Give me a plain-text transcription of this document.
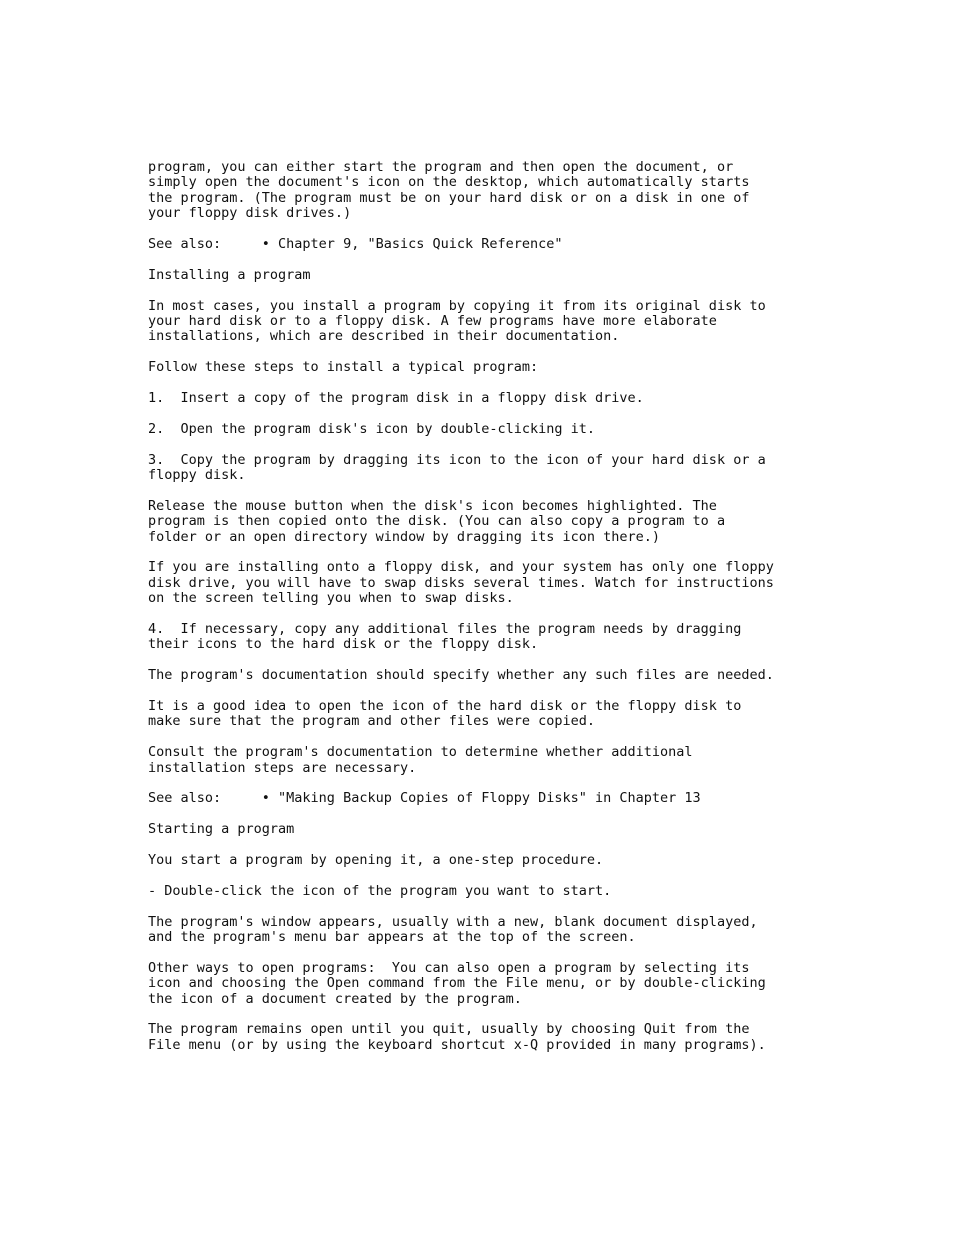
program, you can either start the program and then open the document, or
simply open the document's icon on the desktop, which automatically starts
the program. (The program must be on your hard disk or on a disk in one of
your floppy disk drives.)
See also:     • Chapter 9, "Basics Quick Reference"
Installing a program
In most cases, you install a program by copying it from its original disk to
your hard disk or to a floppy disk. A few programs have more elaborate
installations, which are described in their documentation.
Follow these steps to install a typical program:
1.  Insert a copy of the program disk in a floppy disk drive.
2.  Open the program disk's icon by double-clicking it.
3.  Copy the program by dragging its icon to the icon of your hard disk or a
floppy disk.
Release the mouse button when the disk's icon becomes highlighted. The
program is then copied onto the disk. (You can also copy a program to a
folder or an open directory window by dragging its icon there.)
If you are installing onto a floppy disk, and your system has only one floppy
disk drive, you will have to swap disks several times. Watch for instructions
on the screen telling you when to swap disks.
4.  If necessary, copy any additional files the program needs by dragging
their icons to the hard disk or the floppy disk.
The program's documentation should specify whether any such files are needed.
It is a good idea to open the icon of the hard disk or the floppy disk to
make sure that the program and other files were copied.
Consult the program's documentation to determine whether additional
installation steps are necessary.
See also:     • "Making Backup Copies of Floppy Disks" in Chapter 13
Starting a program
You start a program by opening it, a one-step procedure.
- Double-click the icon of the program you want to start.
The program's window appears, usually with a new, blank document displayed,
and the program's menu bar appears at the top of the screen.
Other ways to open programs:  You can also open a program by selecting its
icon and choosing the Open command from the File menu, or by double-clicking
the icon of a document created by the program.
The program remains open until you quit, usually by choosing Quit from the
File menu (or by using the keyboard shortcut x-Q provided in many programs).
